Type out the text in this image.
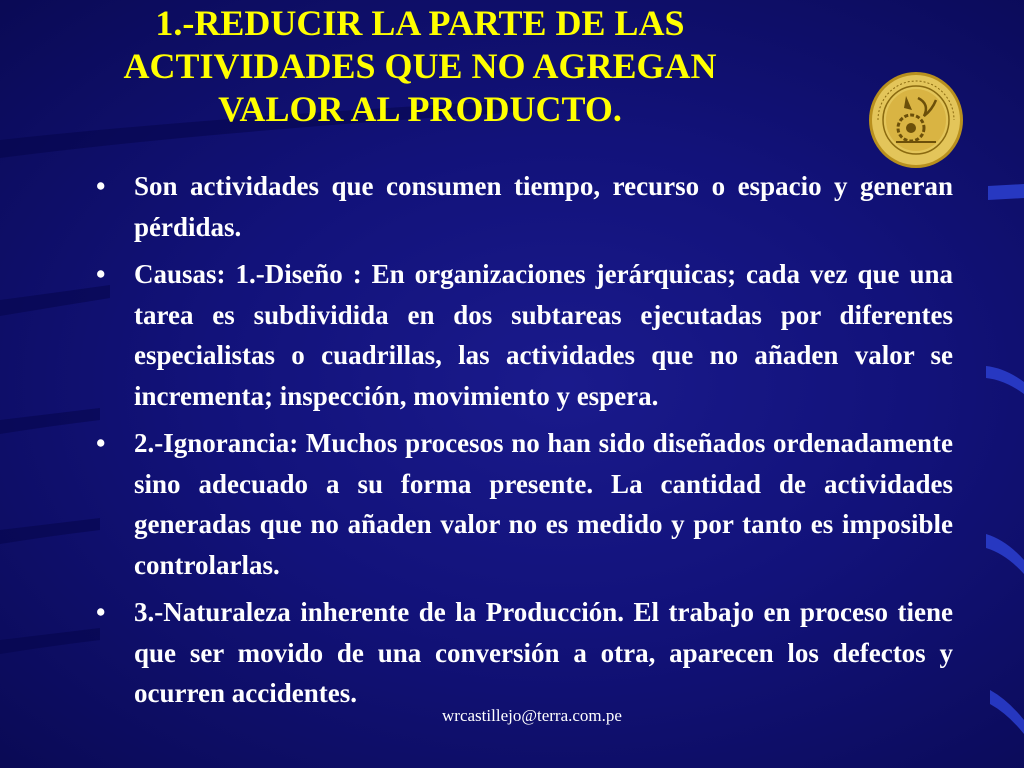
1.-REDUCIR LA PARTE DE LAS
ACTIVIDADES QUE NO AGREGAN
VALOR AL PRODUCTO.
• Son actividades que consumen tiempo, recurso o espacio y generan pérdidas.
• Causas: 1.-Diseño : En organizaciones jerárquicas; cada vez que una tarea es subdividida en dos subtareas ejecutadas por diferentes especialistas o cuadrillas, las actividades que no añaden valor se incrementa; inspección, movimiento y espera.
• 2.-Ignorancia: Muchos procesos no han sido diseñados ordenadamente sino adecuado a su forma presente. La cantidad de actividades generadas que no añaden valor no es medido y por tanto es imposible controlarlas.
• 3.-Naturaleza inherente de la Producción. El trabajo en proceso tiene que ser movido de una conversión a otra, aparecen los defectos y ocurren accidentes.
wrcastillejo@terra.com.pe
